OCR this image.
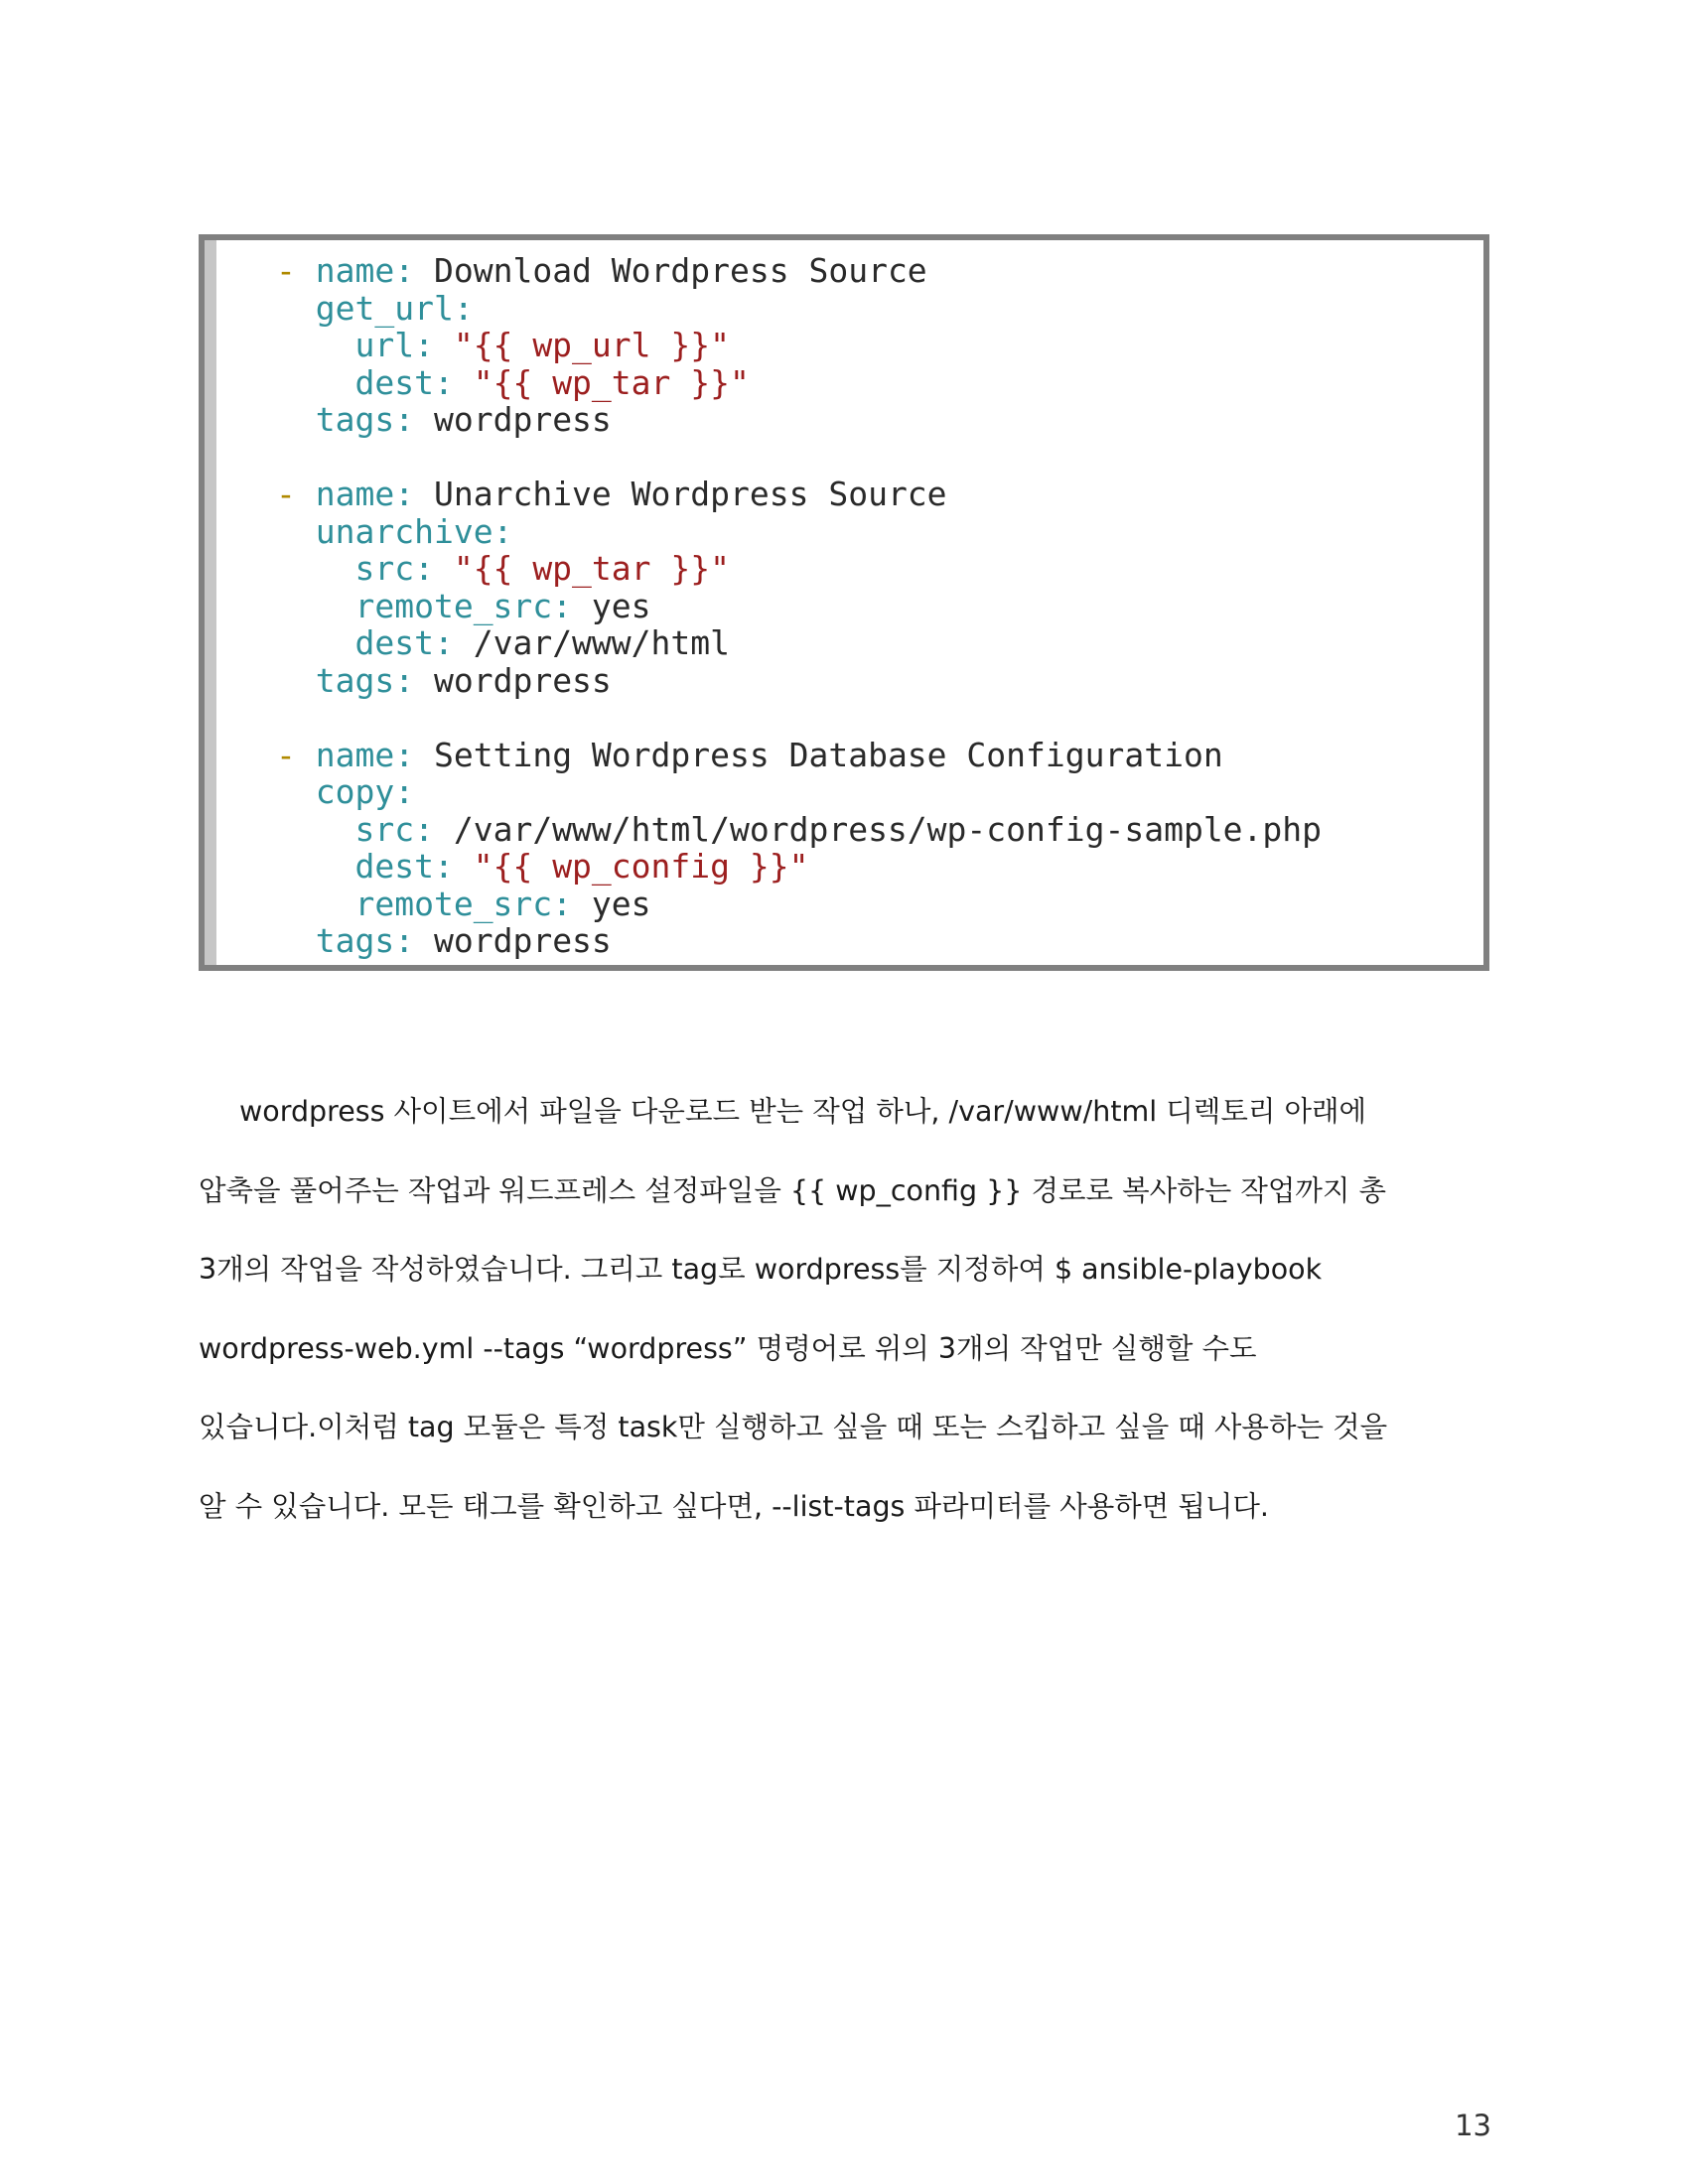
- name: Download Wordpress Source
get_url:
url: "{{ wp_url }}"
dest: "{{ wp_tar }}"
tags: wordpress

- name: Unarchive Wordpress Source
unarchive:
src: "{{ wp_tar }}"
remote_src: yes
dest: /var/www/html
tags: wordpress

- name: Setting Wordpress Database Configuration
copy:
src: /var/www/html/wordpress/wp-config-sample.php
dest: "{{ wp_config }}"
remote_src: yes
tags: wordpress
wordpress 사이트에서 파일을 다운로드 받는 작업 하나, /var/www/html 디렉토리 아래에
압축을 풀어주는 작업과 워드프레스 설정파일을 {{ wp_config }} 경로로 복사하는 작업까지 총
3개의 작업을 작성하였습니다. 그리고 tag로 wordpress를 지정하여 $ ansible-playbook
wordpress-web.yml --tags “wordpress” 명령어로 위의 3개의 작업만 실행할 수도
있습니다.이처럼 tag 모듈은 특정 task만 실행하고 싶을 때 또는 스킵하고 싶을 때 사용하는 것을
알 수 있습니다. 모든 태그를 확인하고 싶다면, --list-tags 파라미터를 사용하면 됩니다.
13
